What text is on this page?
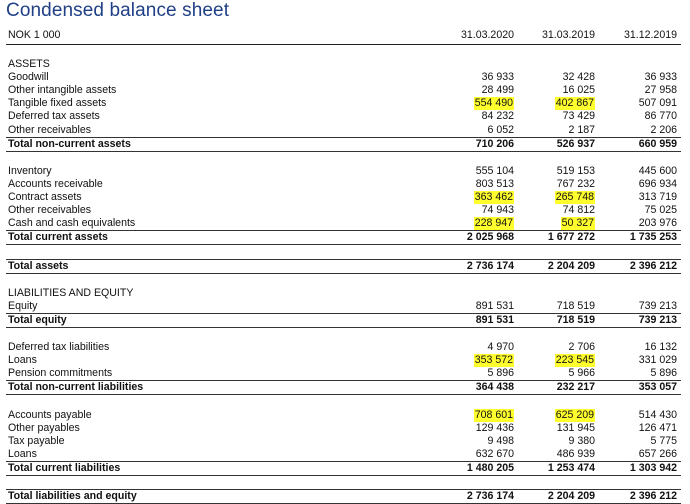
Condensed balance sheet
NOK 1 000	31.03.2020	31.03.2019	31.12.2019
ASSETS
Goodwill	36 933	32 428	36 933
Other intangible assets	28 499	16 025	27 958
Tangible fixed assets	554 490	402 867	507 091
Deferred tax assets	84 232	73 429	86 770
Other receivables	6 052	2 187	2 206
Total non-current assets	710 206	526 937	660 959
Inventory	555 104	519 153	445 600
Accounts receivable	803 513	767 232	696 934
Contract assets	363 462	265 748	313 719
Other receivables	74 943	74 812	75 025
Cash and cash equivalents	228 947	50 327	203 976
Total current assets	2 025 968	1 677 272	1 735 253
Total assets	2 736 174	2 204 209	2 396 212
LIABILITIES AND EQUITY
Equity	891 531	718 519	739 213
Total equity	891 531	718 519	739 213
Deferred tax liabilities	4 970	2 706	16 132
Loans	353 572	223 545	331 029
Pension commitments	5 896	5 966	5 896
Total non-current liabilities	364 438	232 217	353 057
Accounts payable	708 601	625 209	514 430
Other payables	129 436	131 945	126 471
Tax payable	9 498	9 380	5 775
Loans	632 670	486 939	657 266
Total current liabilities	1 480 205	1 253 474	1 303 942
Total liabilities and equity	2 736 174	2 204 209	2 396 212
